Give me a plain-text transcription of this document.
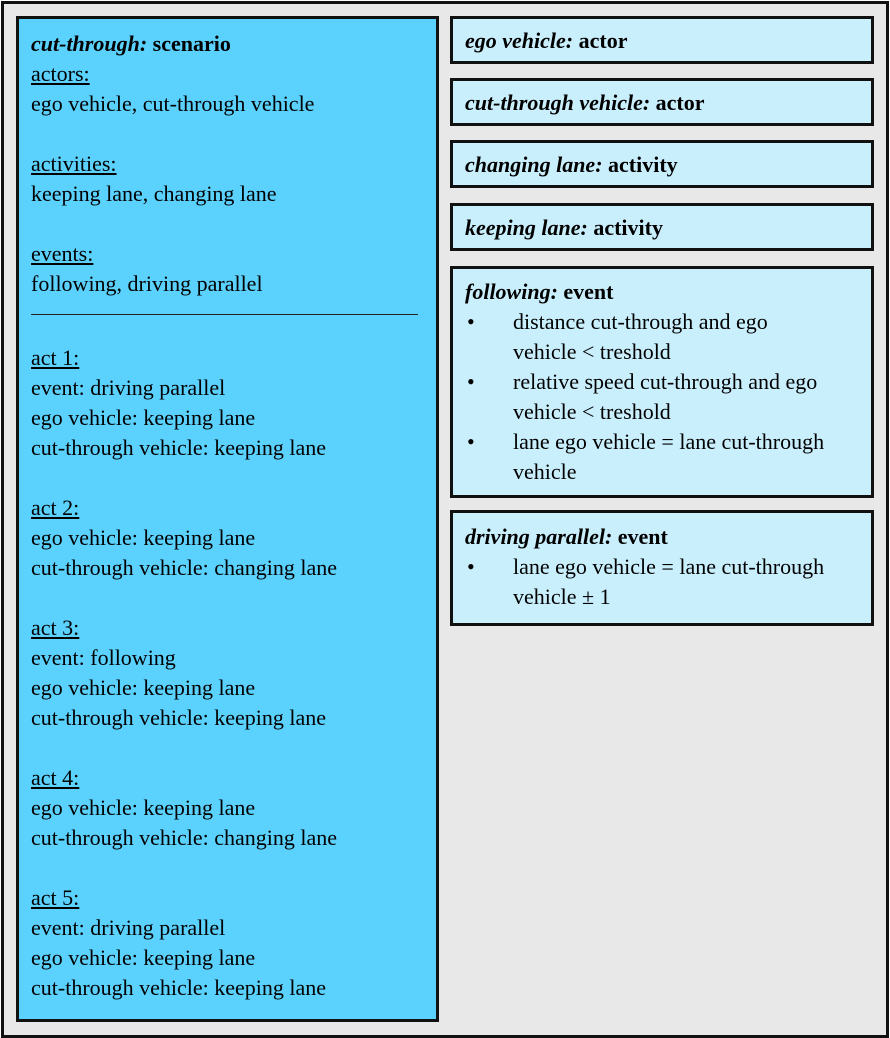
cut-through: scenario
actors:
ego vehicle, cut-through vehicle
activities:
keeping lane, changing lane
events:
following, driving parallel
act 1:
event: driving parallel
ego vehicle: keeping lane
cut-through vehicle: keeping lane
act 2:
ego vehicle: keeping lane
cut-through vehicle: changing lane
act 3:
event: following
ego vehicle: keeping lane
cut-through vehicle: keeping lane
act 4:
ego vehicle: keeping lane
cut-through vehicle: changing lane
act 5:
event: driving parallel
ego vehicle: keeping lane
cut-through vehicle: keeping lane
ego vehicle: actor
cut-through vehicle: actor
changing lane: activity
keeping lane: activity
following: event
• distance cut-through and ego vehicle < treshold
• relative speed cut-through and ego vehicle < treshold
• lane ego vehicle = lane cut-through vehicle
driving parallel: event
• lane ego vehicle = lane cut-through vehicle ± 1
